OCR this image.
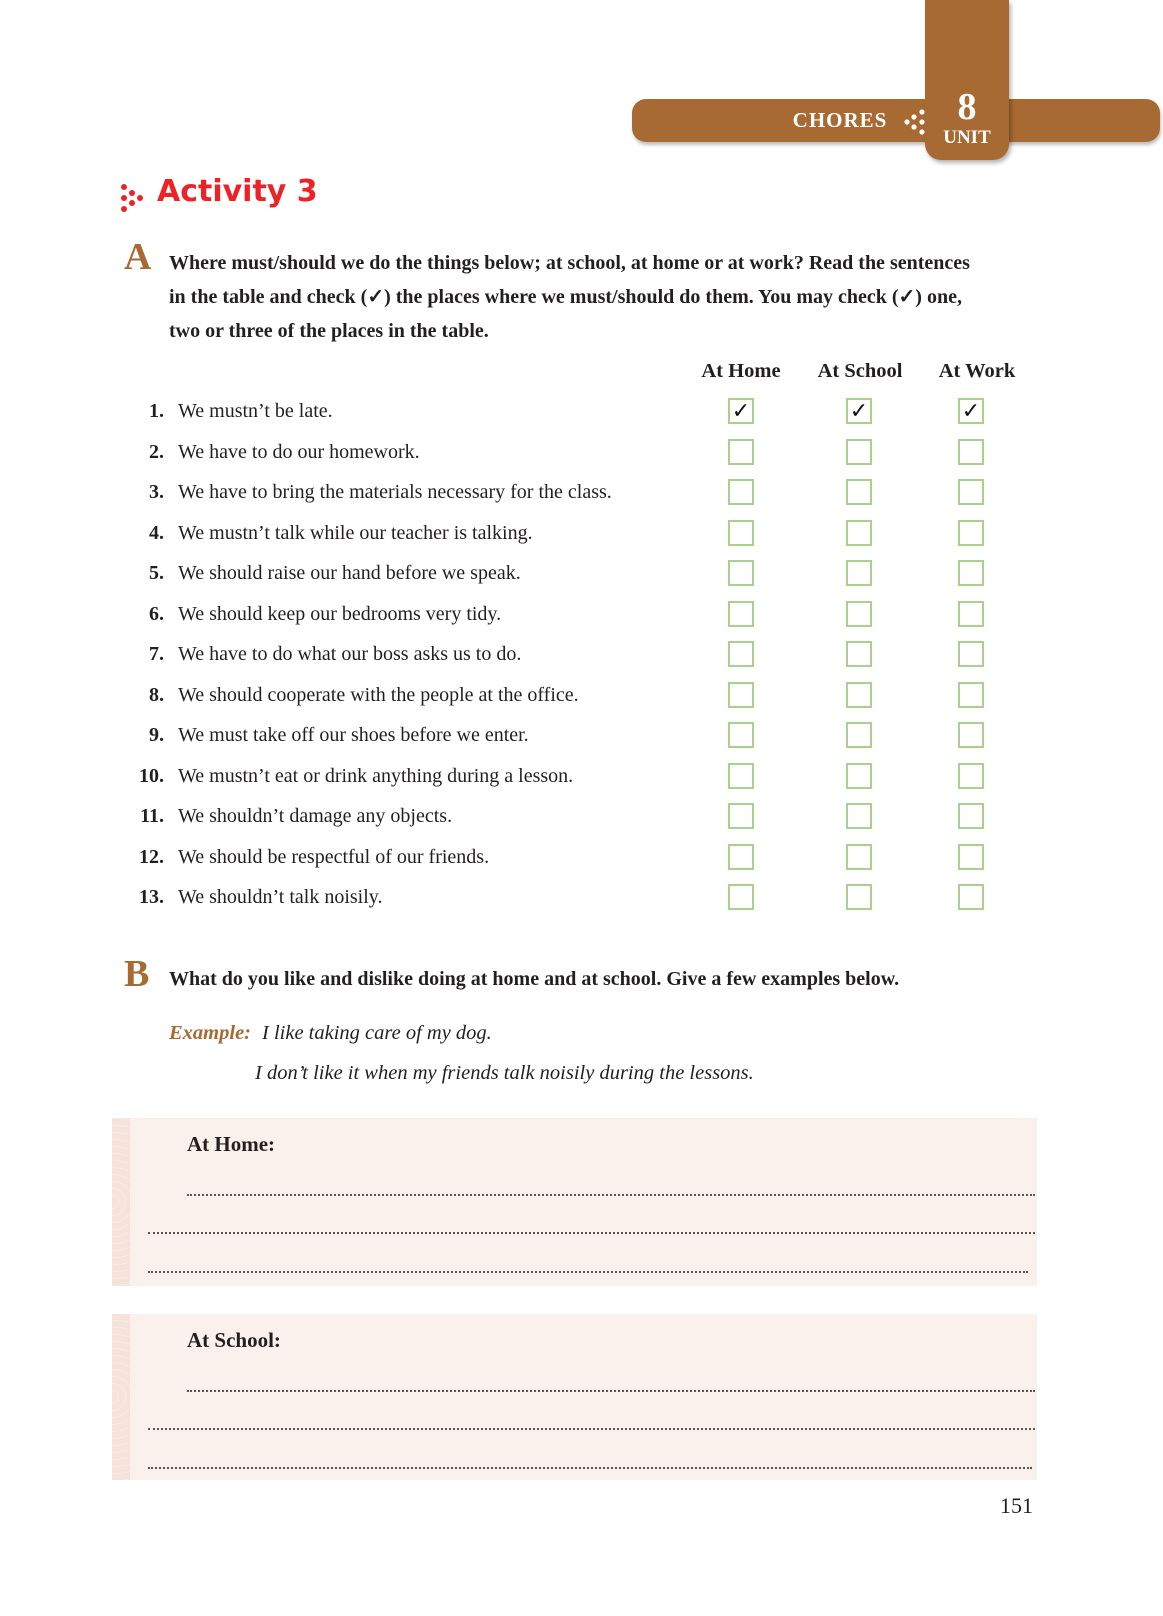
CHORES	8
UNIT
Activity 3
A Where must/should we do the things below; at school, at home or at work? Read the sentences
in the table and check (✓) the places where we must/should do them. You may check (✓) one,
two or three of the places in the table.
At Home	At School	At Work
1. We mustn’t be late.	✓	✓	✓
2. We have to do our homework.
3. We have to bring the materials necessary for the class.
4. We mustn’t talk while our teacher is talking.
5. We should raise our hand before we speak.
6. We should keep our bedrooms very tidy.
7. We have to do what our boss asks us to do.
8. We should cooperate with the people at the office.
9. We must take off our shoes before we enter.
10. We mustn’t eat or drink anything during a lesson.
11. We shouldn’t damage any objects.
12. We should be respectful of our friends.
13. We shouldn’t talk noisily.
B What do you like and dislike doing at home and at school. Give a few examples below.
Example: I like taking care of my dog.
I don’t like it when my friends talk noisily during the lessons.
At Home:
At School:
151
